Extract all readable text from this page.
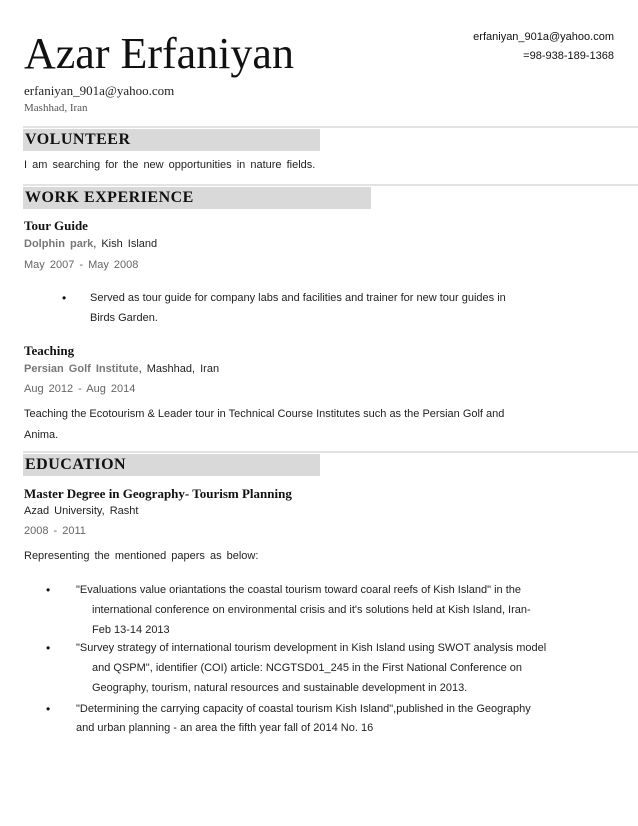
Azar Erfaniyan	erfaniyan_901a@yahoo.com
=98-938-189-1368
erfaniyan_901a@yahoo.com
Mashhad, Iran
VOLUNTEER
I am searching for the new opportunities in nature fields.
WORK EXPERIENCE
Tour Guide
Dolphin park, Kish Island
May 2007 - May 2008
• Served as tour guide for company labs and facilities and trainer for new tour guides in
Birds Garden.
Teaching
Persian Golf Institute, Mashhad, Iran
Aug 2012 - Aug 2014
Teaching the Ecotourism & Leader tour in Technical Course Institutes such as the Persian Golf and
Anima.
EDUCATION
Master Degree in Geography- Tourism Planning
Azad University, Rasht
2008 - 2011
Representing the mentioned papers as below:
• "Evaluations value oriantations the coastal tourism toward coaral reefs of Kish Island" in the
international conference on environmental crisis and it's solutions held at Kish Island, Iran-
Feb 13-14 2013
• "Survey strategy of international tourism development in Kish Island using SWOT analysis model
and QSPM", identifier (COI) article: NCGTSD01_245 in the First National Conference on
Geography, tourism, natural resources and sustainable development in 2013.
• "Determining the carrying capacity of coastal tourism Kish Island",published in the Geography
and urban planning - an area the fifth year fall of 2014 No. 16
